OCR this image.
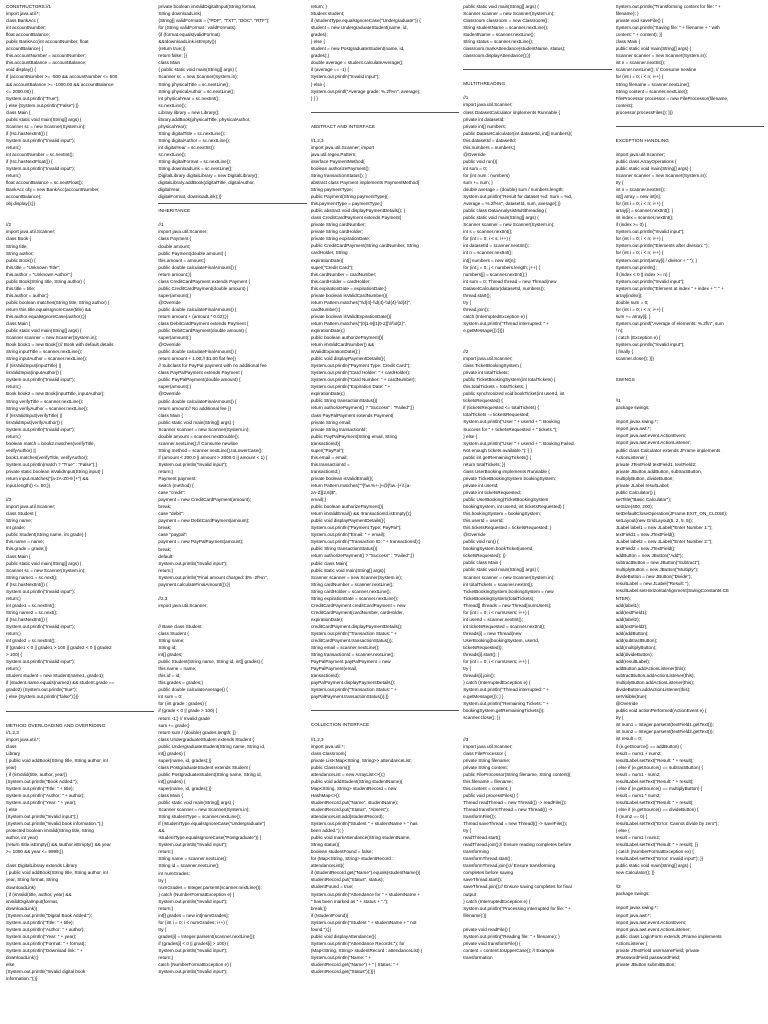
CONSTRUCTORS://1
import java.util.*;
class BankAcc {
int accountNumber;
float accountBalance;
public BankAcc(int accountNumber, float
accountBalance) {
this.accountNumber = accountNumber;
this.accountBalance = accountBalance;
void display() {
if (accountNumber >= -500 && accountNumber <= 500
&& accountBalance >= -1000.00 && accountBalance
<= 2000.00) {
System.out.println("True");
} else {System.out.println("False");}}
class Main {
public static void main(String[] args) {
Scanner sc = new Scanner(System.in);
if (!sc.hasNextInt()) {
System.out.println("Invalid input");
return;}
int accountNumber = sc.nextInt();
if (!sc.hasNextFloat()) {
System.out.println("Invalid input");
return;}
float accountBalance = sc.nextFloat();
BankAcc obj = new BankAcc(accountNumber,
accountBalance);
obj.display();}}
//2
import java.util.Scanner;
class Book {
String title;
String author;
public Book() {
this.title = "Unknown Title";
this.author = "Unknown Author";}
public Book(String title, String author) {
this.title = title;
this.author = author;}
public boolean matches(String title, String author) {
return this.title.equalsIgnoreCase(title) &&
this.author.equalsIgnoreCase(author);}}
class Main {
public static void main(String[] args) {
Scanner scanner = new Scanner(System.in);
Book book1 = new Book();// Book with default details
String inputTitle = scanner.nextLine();
String inputAuthor = scanner.nextLine();
if (!isValidInput(inputTitle) ||
!isValidInput(inputAuthor)) {
System.out.println("Invalid input");
return;}
Book book2 = new Book(inputTitle, inputAuthor);
String verifyTitle = scanner.nextLine();
String verifyAuthor = scanner.nextLine();
if (!isValidInput(verifyTitle) ||
!isValidInput(verifyAuthor)) {
System.out.println("Invalid input");
return;}
boolean match = book2.matches(verifyTitle,
verifyAuthor) ||
book1.matches(verifyTitle, verifyAuthor);
System.out.println(match ? "True" : "False");}
private static boolean isValidInput(String input) {
return input.matches("[a-zA-Z0-9 ]+") &&
input.length() <= 50;}}
//3
import java.util.Scanner;
class Student {
String name;
int grade;
public Student(String name, int grade) {
this.name = name;
this.grade = grade;}}
class Main {
public static void main(String[] args) {
Scanner sc = new Scanner(System.in);
String name1 = sc.next();
if (!sc.hasNextInt()) {
System.out.println("Invalid input");
return;}
int grade1 = sc.nextInt();
String name2 = sc.next();
if (!sc.hasNextInt()) {
System.out.println("Invalid input");
return;}
int grade2 = sc.nextInt();
if (grade1 < 0 || grade1 > 100 || grade2 < 0 || grade2
> 100) {
System.out.println("Invalid input");
return;}
Student student = new Student(name1, grade1);
if (student.name.equals(name2) && student.grade ==
grade2) {System.out.println("true");
} else {System.out.println("false");}}}
METHOD OVERLOADING AND OVERRIDING
//1,2,3
import java.util.*;
class
Library
{ public void addBook(String title, String author, int
year)
{ if (!isValid(title, author, year))
{System.out.println("Book Added:");
System.out.println("Title: " + title);
System.out.println("Author: " + author);
System.out.println("Year: " + year);
} else
{System.out.println("Invalid input");}
{System.out.println("Invalid book information.");}
protected boolean isValid(String title, String
author, int year)
{return !title.isEmpty() && !author.isEmpty() && year
>= 1000 && year <= 9999;}}
class DigitalLibrary extends Library
{ public void addBook(String title, String author, int
year, String format, String
downloadLink)
{ if (isValid(title, author, year) &&
isValidDigitalInput(format,
downloadLink))
{System.out.println("Digital Book Added:");
System.out.println("Title: " + title);
System.out.println("Author: " + author);
System.out.println("Year: " + year);
System.out.println("Format: " + format);
System.out.println("Download link: " +
downloadLink);}
else
{System.out.println("Invalid digital book
information.");}}
private boolean isValidDigitalInput(String format,
String downloadLink)
{String[] validFormats = {"PDF", "TXT", "DOC", "RTF"};
for (String validFormat : validFormats)
{if (format.equals(validFormat)
&&!downloadLink.isEmpty())
{return true;}}
return false; }}
class Main
{ public static void main(String[] args) {
Scanner sc = new Scanner(System.in);
String physicalTitle = sc.nextLine();
String physicalAuthor = sc.nextLine();
int physicalYear = sc.nextInt();
sc.nextLine();
Library library = new Library();
library.addBook(physicalTitle, physicalAuthor,
physicalYear);
String digitalTitle = sc.nextLine();
String digitalAuthor = sc.nextLine();
int digitalYear = sc.nextInt();
sc.nextLine();
String digitalFormat = sc.nextLine();
String downloadLink = sc.nextLine();
DigitalLibrary digitalLibrary = new DigitalLibrary();
digitalLibrary.addBook(digitalTitle, digitalAuthor,
digitalYear,
digitalFormat, downloadLink);}}
INHERITANCE
//1
import java.util.Scanner;
class Payment {
double amount;
public Payment(double amount) {
this.amount = amount;}
public double calculateFinalAmount() {
return amount;}}
class CreditCardPayment extends Payment {
public CreditCardPayment(double amount) {
super(amount);}
@Override
public double calculateFinalAmount() {
return amount + (amount * 0.02);}}
class DebitCardPayment extends Payment {
public DebitCardPayment(double amount) {
super(amount);}
@Override
public double calculateFinalAmount() {
return amount + 1.00;// $1.00 flat fee}}
// Subclass for PayPal payment with no additional fee
class PayPalPayment extends Payment {
public PayPalPayment(double amount) {
super(amount);}
@Override
public double calculateFinalAmount() {
return amount;// No additional fee }}
class Main {
public static void main(String[] args) {
Scanner scanner = new Scanner(System.in);
double amount = scanner.nextDouble();
scanner.nextLine();// Consume newline
String method = scanner.nextLine().toLowerCase();
if (amount < 200.0 || amount > 2000.0 || amount < 1) {
System.out.println("Invalid input");
return;}
Payment payment;
switch (method) {
case "credit":
payment = new CreditCardPayment(amount);
break;
case "debit":
payment = new DebitCardPayment(amount);
break;
case "paypal":
payment = new PayPalPayment(amount);
break;
default:
System.out.println("Invalid input");
return;}
System.out.println("Final amount charged: $% .2f%n",
payment.calculateFinalAmount());}}
//2,3
import java.util.Scanner;
// Base class Student
class Student {
String name;
String id;
int[] grades;
public Student(String name, String id, int[] grades) {
this.name = name;
this.id = id;
this.grades = grades;}
public double calculateAverage() {
int sum = 0;
for (int grade : grades) {
if (grade < 0 || grade > 100) {
return -1;} // Invalid grade
sum += grade;}
return sum / (double) grades.length; }}
class UndergraduateStudent extends Student {
public UndergraduateStudent(String name, String id,
int[] grades) {
super(name, id, grades);}}
class PostgraduateStudent extends Student {
public PostgraduateStudent(String name, String id,
int[] grades) {
super(name, id, grades);}}
class Main {
public static void main(String[] args) {
Scanner scanner = new Scanner(System.in);
String studentType = scanner.nextLine();
if (!studentType.equalsIgnoreCase("Undergraduate")
&&
!studentType.equalsIgnoreCase("Postgraduate")) {
System.out.println("Invalid input");
return;}
String name = scanner.nextLine();
String id = scanner.nextLine();
int numGrades;
try {
numGrades = Integer.parseInt(scanner.nextLine());
} catch (NumberFormatException e) {
System.out.println("Invalid input");
return;}
int[] grades = new int[numGrades];
for (int i = 0; i < numGrades; i++) {
try {
grades[i] = Integer.parseInt(scanner.nextLine());
if (grades[i] < 0 || grades[i] > 100) {
System.out.println("Invalid input");
return;}
catch (NumberFormatException e) {
System.out.println("Invalid input");
return; }
Student student;
if (studentType.equalsIgnoreCase("Undergraduate")) {
student = new UndergraduateStudent(name, id,
grades);
} else {
student = new PostgraduateStudent(name, id,
grades);}
double average = student.calculateAverage();
if (average == -1) {
System.out.println("Invalid input");
} else {
System.out.printf("Average grade: %.2f%n", average);
} } }
ABSTRACT AND INTERFACE
//1,2,3
import java.util.Scanner; import
java.util.regex.Pattern;
interface PaymentMethod{
boolean authorizePayment();
String transactionStatus(); }
abstract class Payment implements PaymentMethod{
String paymentType;
public Payment(String paymentType){
this.paymentType = paymentType;}
public abstract void displayPaymentDetails(); }
class CreditCardPayment extends Payment{
private String cardNumber;
private String cardHolder;
private String expirationDate;
public CreditCardPayment(String cardNumber, String
cardHolder, String
expirationDate){
super("Credit Card");
this.cardNumber = cardNumber;
this.cardHolder = cardHolder;
this.expirationDate = expirationDate;}
private boolean isValidCardNumber(){
return Pattern.matches("\\d{4}-\\d{4}-\\d{4}-\\d{4}",
cardNumber);}
private boolean isValidExpirationDate(){
return Pattern.matches("(0[1-9]|1[0-2])\\/\\d{2}",
expirationDate);}
public boolean authorizePayment(){
return isValidCardNumber() &&
isValidExpirationDate();}
public void displayPaymentDetails(){
System.out.println("Payment Type: Credit Card");
System.out.println("Card Holder: " + cardHolder);
System.out.println("Card Number: " + cardNumber);
System.out.println("Expiration Date: " +
expirationDate);}
public String transactionStatus(){
return authorizePayment() ? "Success" : "Failed";}}
class PayPalPayment extends Payment{
private String email;
private String transactionId;
public PayPalPayment(String email, String
transactionId){
super("PayPal");
this.email = email;
this.transactionId =
transactionId;}
private boolean isValidEmail(){
return Pattern.matches("^[\\w.%+-]+@[\\w.-]+\\.[a-
zA-Z]{2,6}$",
email);}
public boolean authorizePayment(){
return isValidEmail() && !transactionId.isEmpty();}
public void displayPaymentDetails(){
System.out.println("Payment Type: PayPal");
System.out.println("Email: " + email);
System.out.println("Transaction ID: " + transactionId);}
public String transactionStatus(){
return authorizePayment() ? "Success" : "Failed";}}
public class Main{
public static void main(String[] args){
Scanner scanner = new Scanner(System.in);
String cardNumber = scanner.nextLine();
String cardHolder = scanner.nextLine();
String expirationDate = scanner.nextLine();
CreditCardPayment creditCardPayment = new
CreditCardPayment(cardNumber, cardHolder,
expirationDate);
creditCardPayment.displayPaymentDetails();
System.out.println("Transaction Status: " +
creditCardPayment.transactionStatus());
String email = scanner.nextLine();
String transactionId = scanner.nextLine();
PayPalPayment payPalPayment = new
PayPalPayment(email,
transactionId);
payPalPayment.displayPaymentDetails();
System.out.println("Transaction Status: " +
payPalPayment.transactionStatus());}}
COLLECTION INTERFACE
//1,2,3
import java.util.*;
class Classroom{
private List<Map<String, String>> attendanceList;
public Classroom(){
attendanceList = new ArrayList<>();}
public void addStudent(String studentName){
Map<String, String> studentRecord = new
HashMap<>();
studentRecord.put("Name", studentName);
studentRecord.put("Status", "Absent");
attendanceList.add(studentRecord);
System.out.println("Student " + studentName + " has
been added."); }
public void markAttendance(String studentName,
String status){
boolean studentFound = false;
for (Map<String, String> studentRecord :
attendanceList){
if (studentRecord.get("Name").equals(studentName)){
studentRecord.put("Status", status);
studentFound = true;
System.out.println("Attendance for " + studentName +
" has been marked as " + status + ".");
break;}}
if (!studentFound){
System.out.println("Student " + studentName + " not
found.");}}
public void displayAttendance(){
System.out.println("Attendance Records:"); for
(Map<String, String> studentRecord : attendanceList) {
System.out.println("Name: " +
studentRecord.get("Name") + " | Status: " +
studentRecord.get("Status"));}}}
public static void main(String[] args) {
Scanner scanner = new Scanner(System.in);
Classroom classroom = new Classroom();
String studentName = scanner.nextLine();
studentName = scanner.nextLine();
String status = scanner.nextLine();
classroom.markAttendance(studentName, status);
classroom.displayAttendance();}}
MULTITHREADING
//1
import java.util.Scanner;
class DatasetCalculator implements Runnable {
private int datasetId;
private int[] numbers;
public DatasetCalculator(int datasetId, int[] numbers){
this.datasetId = datasetId;
this.numbers = numbers;}
@Override
public void run(){
int sum = 0;
for (int num : numbers)
sum += num; }
double average = (double) sum / numbers.length;
System.out.println("Result for dataset %d: Sum = %d,
Average = %.2f%n", datasetId, sum, average);}}
public class DataAnalysisMultithreading {
public static void main(String[] args) {
Scanner scanner = new Scanner(System.in);
int s = scanner.nextInt();
for (int i = 0; i < s; i++) {
int datasetId = scanner.nextInt();
int n = scanner.nextInt();
int[] numbers = new int[n];
for (int j = 0; j < numbers.length; j++) {
numbers[j] = scanner.nextInt();}
int sum = 0; Thread thread = new Thread(new
DatasetCalculator(datasetId, numbers));
thread.start();
try {
thread.join();
catch (InterruptedException e) {
System.out.println("Thread interrupted: " +
e.getMessage());}}}}
//2
import java.util.Scanner;
class TicketBookingSystem {
private int totalTickets;
public TicketBookingSystem(int totalTickets) {
this.totalTickets = totalTickets; }
public synchronized void bookTicket(int userId, int
ticketsRequested) {
if (ticketsRequested <= totalTickets) {
totalTickets -= ticketsRequested;
System.out.println("User " + userId + ": Booking
Success for " + ticketsRequested + " tickets.");
} else {
System.out.println("User " + userId + ": Booking Failed.
Not enough tickets available."); } }
public int getRemainingTickets() {
return totalTickets; }}
class UserBooking implements Runnable {
private TicketBookingSystem bookingSystem;
private int userId;
private int ticketsRequested;
public UserBooking(TicketBookingSystem
bookingSystem, int userId, int ticketsRequested) {
this.bookingSystem = bookingSystem;
this.userId = userId;
this.ticketsRequested = ticketsRequested; }
@Override
public void run() {
bookingSystem.bookTicket(userId,
ticketsRequested); }}
public class Main {
public static void main(String[] args) {
Scanner scanner = new Scanner(System.in);
int totalTickets = scanner.nextInt();
TicketBookingSystem bookingSystem = new
TicketBookingSystem(totalTickets);
Thread[] threads = new Thread[numUsers];
for (int i = 0; i < numUsers; i++) {
int userId = scanner.nextInt();
int ticketsRequested = scanner.nextInt();
threads[i] = new Thread(new
UserBooking(bookingSystem, userId,
ticketsRequested));
threads[i].start(); }
for (int i = 0; i < numUsers; i++) {
try {
threads[i].join();
} catch (InterruptedException e) {
System.out.println("Thread interrupted: " +
e.getMessage()); } }
System.out.println("Remaining Tickets: " +
bookingSystem.getRemainingTickets());
scanner.close(); }}
//3
import java.util.Scanner;
class FileProcessor {
private String filename;
private String content;
public FileProcessor(String filename, String content){
this.filename = filename;
this.content = content; }
public void processFiles() {
Thread readThread = new Thread(() -> readFile());
Thread transformThread = new Thread(() ->
transformFile());
Thread saveThread = new Thread(() -> saveFile());
try {
readThread.start();
readThread.join();// Ensure reading completes before
transforming
transformThread.start();
transformThread.join();// Ensure transforming
completes before saving
saveThread.start();
saveThread.join();// Ensure saving completes for final
output
} catch (InterruptedException e) {
System.out.println("Processing interrupted for file: " +
filename);}}
private void readFile() {
System.out.println("Reading file: " + filename); }
private void transformFile() {
content = content.toUpperCase(); // Example
transformation
System.out.println("Transforming content for file: " +
filename); }
private void saveFile() {
System.out.println("Saving file: " + filename + " with
content: " + content); }}
class Main {
public static void main(String[] args) {
Scanner scanner = new Scanner(System.in);
int n = scanner.nextInt();
scanner.nextLine(); // Consume newline
for (int i = 0; i < n; i++) {
String filename = scanner.nextLine();
String content = scanner.nextLine();
FileProcessor processor = new FileProcessor(filename,
content);
processor.processFiles(); }}}
EXCEPTION HANDLING
import java.util.Scanner;
public class ArrayOperations {
public static void main(String[] args) {
Scanner scanner = new Scanner(System.in);
try {
int n = scanner.nextInt();
int[] array = new int[n];
for (int i = 0; i < n; i++) {
array[i] = scanner.nextInt(); }
int index = scanner.nextInt();
if (index >= 0) {
System.out.println("Invalid input");
for (int i = 0; i < n; i++) {
System.out.println("Elements after division: ");
for (int i = 0; i < n; i++) {
System.out.print(array[i] / divisor + " "); }
System.out.println();
if (index < 0 || index >= n) {
System.out.println("Invalid input");
System.out.println("Element at index " + index + ": " +
array[index]);
double sum = 0;
for (int i = 0; i < n; i++) {
sum += array[i]; }
System.out.printf("Average of elements: %.2f\n", sum
/ n);
} catch (Exception e) {
System.out.println("Invalid input");
} finally {
scanner.close(); }}}
SWINGS
//1
package swings;
import javax.swing.*;
import java.awt.*;
import java.awt.event.ActionEvent;
import java.awt.event.ActionListener;
public class Calculator extends JFrame implements
ActionListener {
private JTextField textField1, textField2;
private JButton addButton, subtractButton,
multiplyButton, divideButton;
private JLabel resultLabel;
public Calculator() {
setTitle("Basic Calculator");
setSize(400, 200);
setDefaultCloseOperation(JFrame.EXIT_ON_CLOSE);
setLayout(new GridLayout(5, 2, 5, 5));
JLabel label1 = new JLabel("Enter Number 1:");
textField1 = new JTextField();
JLabel label2 = new JLabel("Enter Number 2:");
textField2 = new JTextField();
addButton = new JButton("Add");
subtractButton = new JButton("Subtract");
multiplyButton = new JButton("Multiply");
divideButton = new JButton("Divide");
resultLabel = new JLabel("Result: ");
resultLabel.setHorizontalAlignment(SwingConstants.CE
NTER);
add(label1);
add(textField1);
add(label2);
add(textField2);
add(addButton);
add(subtractButton);
add(multiplyButton);
add(divideButton);
add(resultLabel);
addButton.addActionListener(this);
subtractButton.addActionListener(this);
multiplyButton.addActionListener(this);
divideButton.addActionListener(this);
setVisible(true);
@Override
public void actionPerformed(ActionEvent e) {
try {
int num1 = Integer.parseInt(textField1.getText());
int num2 = Integer.parseInt(textField2.getText());
int result = 0;
if (e.getSource() == addButton) {
result = num1 + num2;
resultLabel.setText("Result: " + result);
} else if (e.getSource() == subtractButton) {
result = num1 - num2;
resultLabel.setText("Result: " + result);
} else if (e.getSource() == multiplyButton) {
result = num1 * num2;
resultLabel.setText("Result: " + result);
} else if (e.getSource() == divideButton) {
if (num2 == 0) {
resultLabel.setText("Error: Cannot divide by zero");
} else {
result = num1 / num2;
resultLabel.setText("Result: " + result); }}
} catch (NumberFormatException ex) {
resultLabel.setText("Error: Invalid input"); }}
public static void main(String[] args) {
new Calculator(); }}
//2
package swings;
import javax.swing.*;
import java.awt.*;
import java.awt.event.ActionEvent;
import java.awt.event.ActionListener;
public class LoginForm extends JFrame implements
ActionListener {
private JTextField usernameField; private
JPasswordField passwordField;
private JButton submitButton;
